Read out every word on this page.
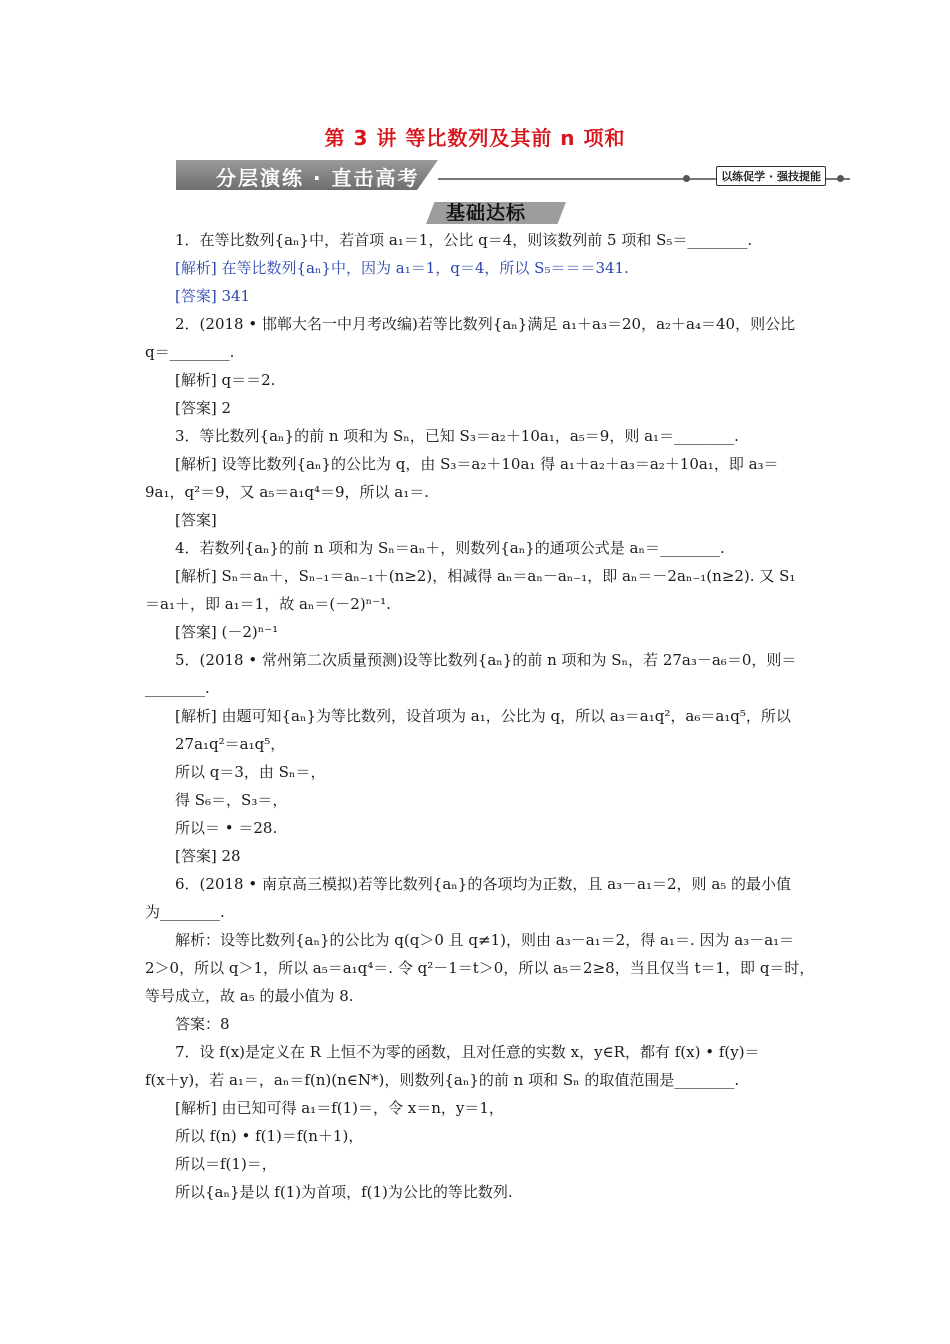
第 3 讲 等比数列及其前 n 项和
分层演练 · 直击高考	以练促学 · 强技提能
基础达标
1．在等比数列{aₙ}中，若首项 a₁＝1，公比 q＝4，则该数列前 5 项和 S₅＝________.
[解析] 在等比数列{aₙ}中，因为 a₁＝1，q＝4，所以 S₅＝＝＝341.
[答案] 341
2．(2018 • 邯郸大名一中月考改编)若等比数列{aₙ}满足 a₁＋a₃＝20，a₂＋a₄＝40，则公比
q＝________.
[解析] q＝＝2.
[答案] 2
3．等比数列{aₙ}的前 n 项和为 Sₙ，已知 S₃＝a₂＋10a₁，a₅＝9，则 a₁＝________.
[解析] 设等比数列{aₙ}的公比为 q，由 S₃＝a₂＋10a₁ 得 a₁＋a₂＋a₃＝a₂＋10a₁，即 a₃＝
9a₁，q²＝9，又 a₅＝a₁q⁴＝9，所以 a₁＝.
[答案]
4．若数列{aₙ}的前 n 项和为 Sₙ＝aₙ＋，则数列{aₙ}的通项公式是 aₙ＝________.
[解析] Sₙ＝aₙ＋，Sₙ₋₁＝aₙ₋₁＋(n≥2)，相减得 aₙ＝aₙ－aₙ₋₁，即 aₙ＝－2aₙ₋₁(n≥2). 又 S₁
＝a₁＋，即 a₁＝1，故 aₙ＝(－2)ⁿ⁻¹.
[答案] (－2)ⁿ⁻¹
5．(2018 • 常州第二次质量预测)设等比数列{aₙ}的前 n 项和为 Sₙ，若 27a₃－a₆＝0，则＝
________.
[解析] 由题可知{aₙ}为等比数列，设首项为 a₁，公比为 q，所以 a₃＝a₁q²，a₆＝a₁q⁵，所以
27a₁q²＝a₁q⁵，
所以 q＝3，由 Sₙ＝，
得 S₆＝，S₃＝，
所以＝ • ＝28.
[答案] 28
6．(2018 • 南京高三模拟)若等比数列{aₙ}的各项均为正数，且 a₃－a₁＝2，则 a₅ 的最小值
为________.
解析：设等比数列{aₙ}的公比为 q(q＞0 且 q≠1)，则由 a₃－a₁＝2，得 a₁＝. 因为 a₃－a₁＝
2＞0，所以 q＞1，所以 a₅＝a₁q⁴＝. 令 q²－1＝t＞0，所以 a₅＝2≥8，当且仅当 t＝1，即 q＝时，
等号成立，故 a₅ 的最小值为 8.
答案：8
7．设 f(x)是定义在 R 上恒不为零的函数，且对任意的实数 x，y∈R，都有 f(x) • f(y)＝
f(x＋y)，若 a₁＝，aₙ＝f(n)(n∈N*)，则数列{aₙ}的前 n 项和 Sₙ 的取值范围是________.
[解析] 由已知可得 a₁＝f(1)＝，令 x＝n，y＝1，
所以 f(n) • f(1)＝f(n＋1)，
所以＝f(1)＝，
所以{aₙ}是以 f(1)为首项，f(1)为公比的等比数列.
